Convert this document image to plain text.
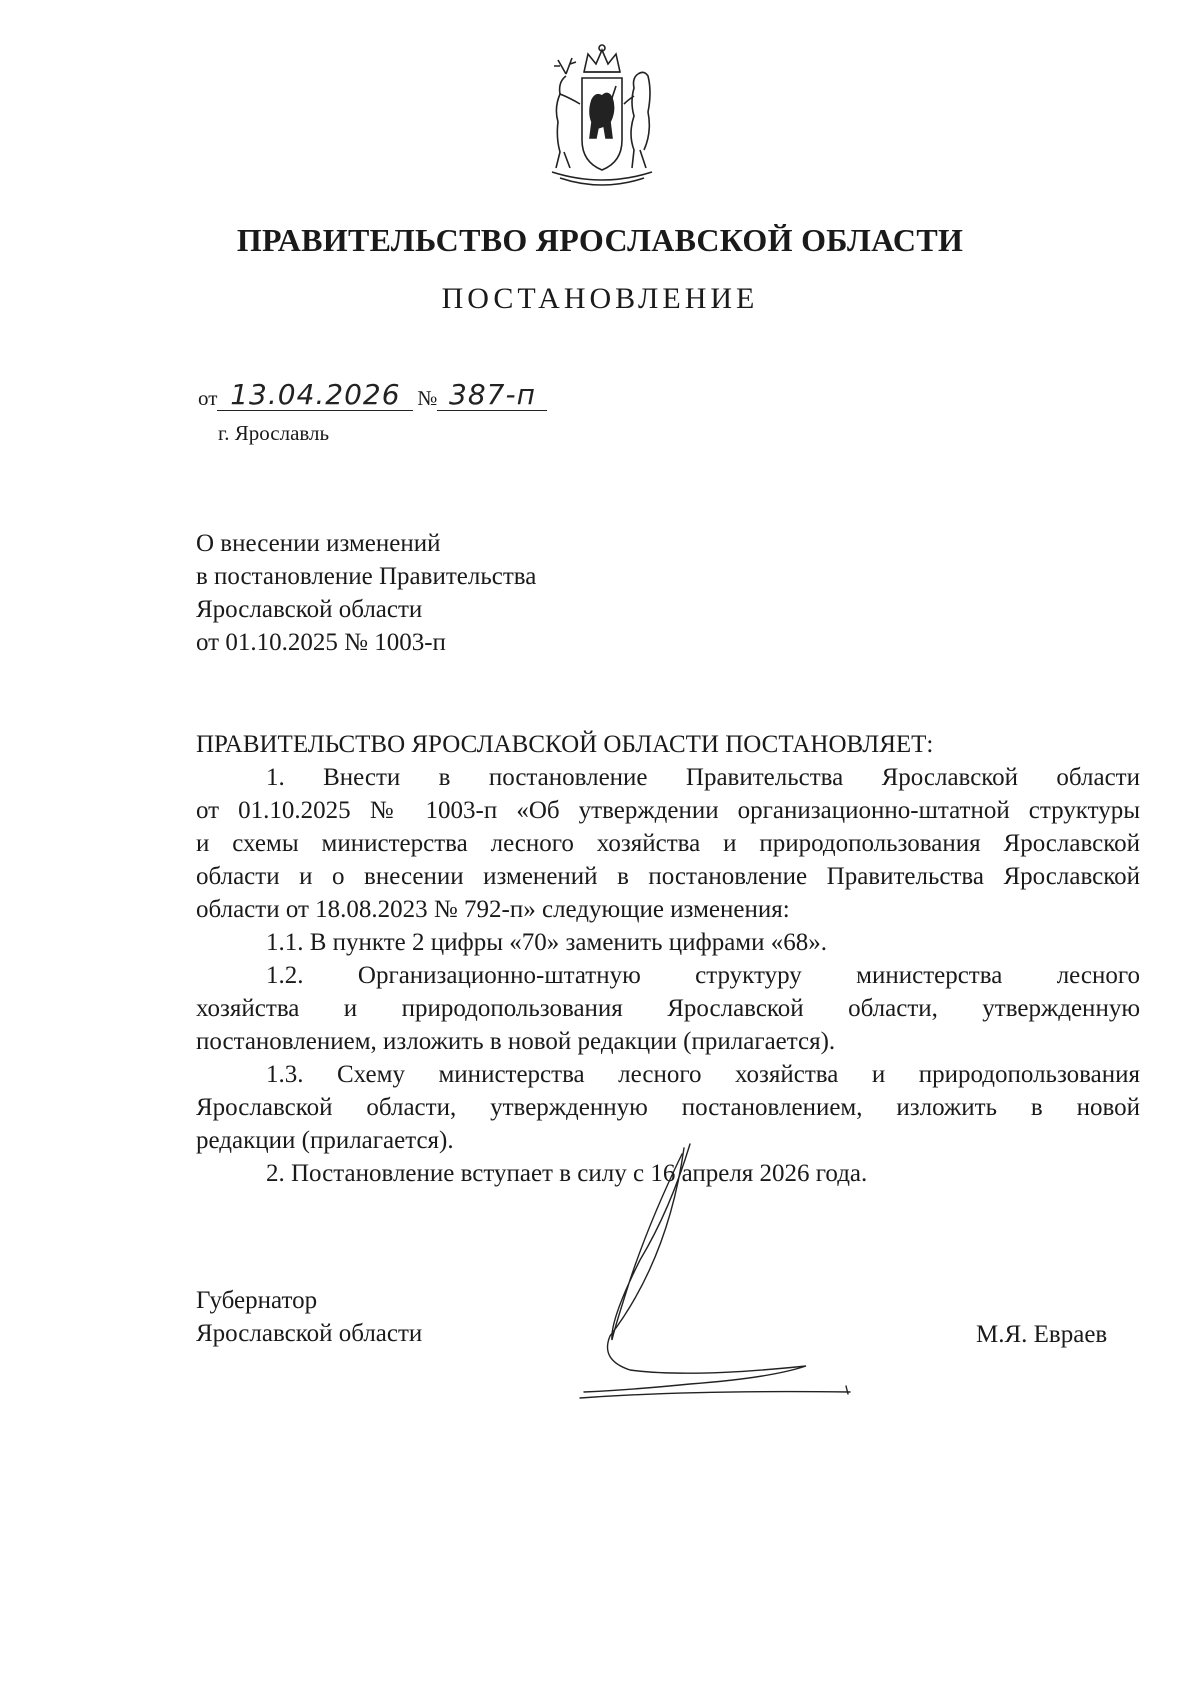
ПРАВИТЕЛЬСТВО ЯРОСЛАВСКОЙ ОБЛАСТИ
ПОСТАНОВЛЕНИЕ
от 13.04.2026 № 387-п
г. Ярославль
О внесении изменений
в постановление Правительства
Ярославской области
от 01.10.2025 № 1003-п
ПРАВИТЕЛЬСТВО ЯРОСЛАВСКОЙ ОБЛАСТИ ПОСТАНОВЛЯЕТ:
1. Внести в постановление Правительства Ярославской области
от 01.10.2025 № 1003-п «Об утверждении организационно-штатной структуры
и схемы министерства лесного хозяйства и природопользования Ярославской
области и о внесении изменений в постановление Правительства Ярославской
области от 18.08.2023 № 792-п» следующие изменения:
1.1. В пункте 2 цифры «70» заменить цифрами «68».
1.2. Организационно-штатную структуру министерства лесного
хозяйства и природопользования Ярославской области, утвержденную
постановлением, изложить в новой редакции (прилагается).
1.3. Схему министерства лесного хозяйства и природопользования
Ярославской области, утвержденную постановлением, изложить в новой
редакции (прилагается).
2. Постановление вступает в силу с 16 апреля 2026 года.
Губернатор
Ярославской области	М.Я. Евраев
